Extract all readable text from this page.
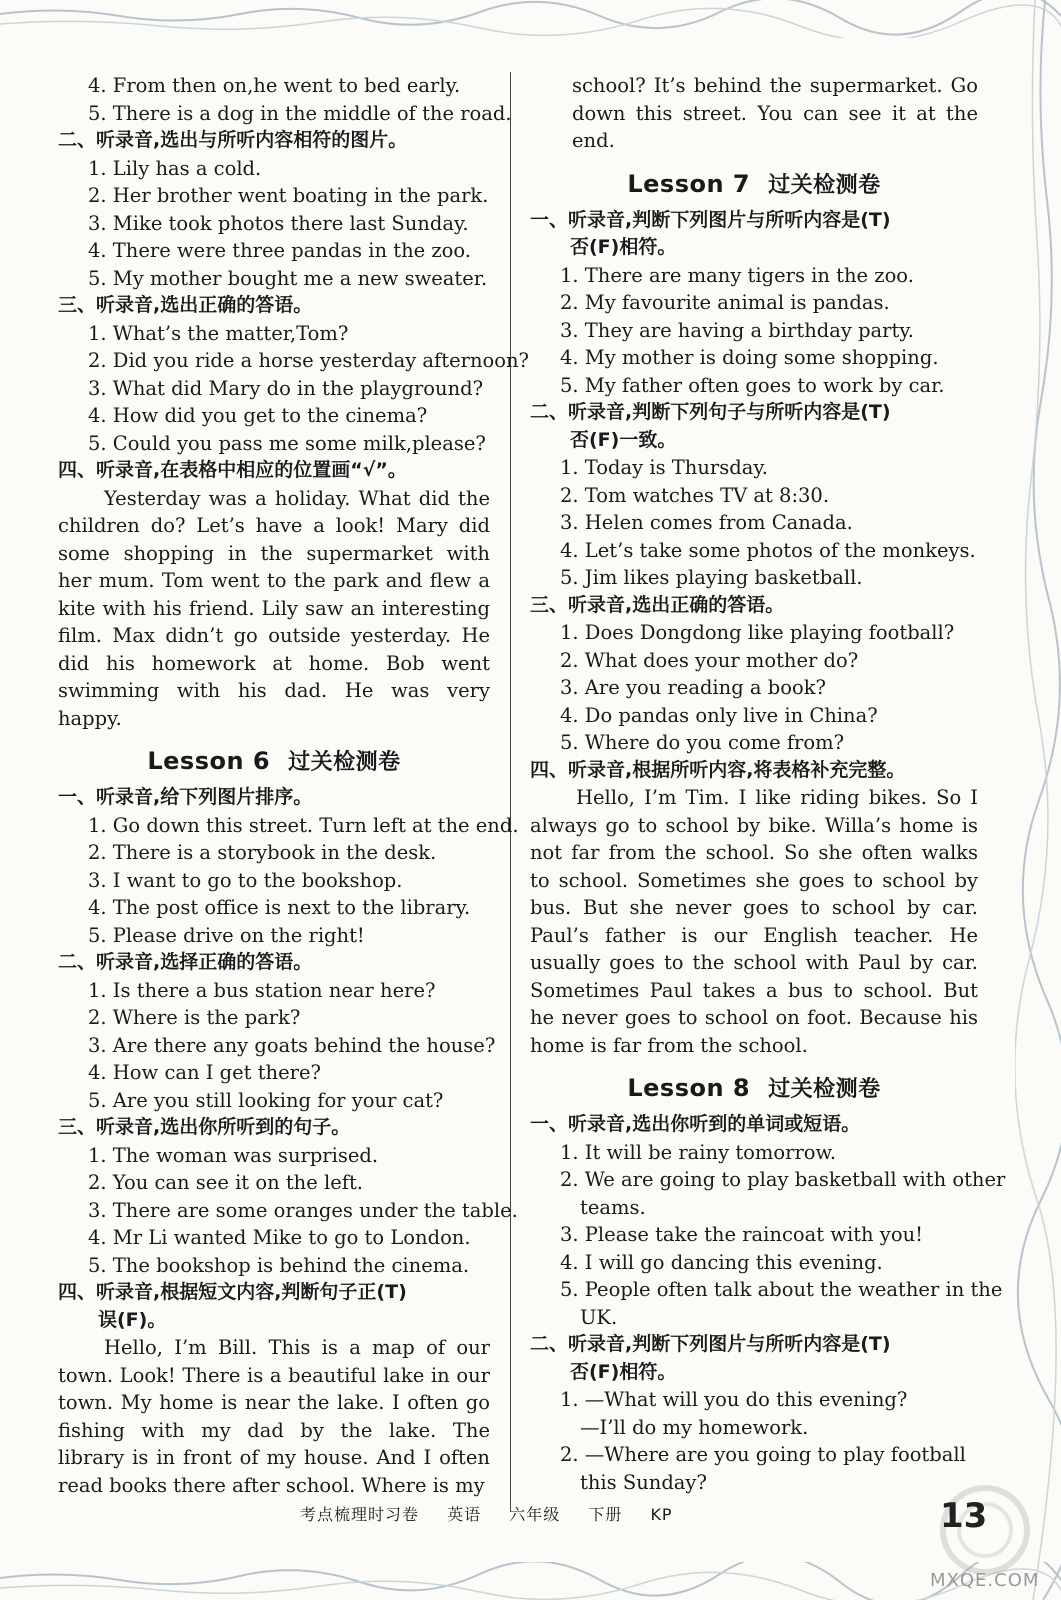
4. From then on,he went to bed early.
5. There is a dog in the middle of the road.
二、听录音,选出与所听内容相符的图片。
1. Lily has a cold.
2. Her brother went boating in the park.
3. Mike took photos there last Sunday.
4. There were three pandas in the zoo.
5. My mother bought me a new sweater.
三、听录音,选出正确的答语。
1. What’s the matter,Tom?
2. Did you ride a horse yesterday afternoon?
3. What did Mary do in the playground?
4. How did you get to the cinema?
5. Could you pass me some milk,please?
四、听录音,在表格中相应的位置画“√”。
Yesterday was a holiday. What did the children do? Let’s have a look! Mary did some shopping in the supermarket with her mum. Tom went to the park and flew a kite with his friend. Lily saw an interesting film. Max didn’t go outside yesterday. He did his homework at home. Bob went swimming with his dad. He was very happy.
Lesson 6 过关检测卷
一、听录音,给下列图片排序。
1. Go down this street. Turn left at the end.
2. There is a storybook in the desk.
3. I want to go to the bookshop.
4. The post office is next to the library.
5. Please drive on the right!
二、听录音,选择正确的答语。
1. Is there a bus station near here?
2. Where is the park?
3. Are there any goats behind the house?
4. How can I get there?
5. Are you still looking for your cat?
三、听录音,选出你所听到的句子。
1. The woman was surprised.
2. You can see it on the left.
3. There are some oranges under the table.
4. Mr Li wanted Mike to go to London.
5. The bookshop is behind the cinema.
四、听录音,根据短文内容,判断句子正(T)
误(F)。
Hello, I’m Bill. This is a map of our town. Look! There is a beautiful lake in our town. My home is near the lake. I often go fishing with my dad by the lake. The library is in front of my house. And I often read books there after school. Where is my
school? It’s behind the supermarket. Go down this street. You can see it at the end.
Lesson 7 过关检测卷
一、听录音,判断下列图片与所听内容是(T)
否(F)相符。
1. There are many tigers in the zoo.
2. My favourite animal is pandas.
3. They are having a birthday party.
4. My mother is doing some shopping.
5. My father often goes to work by car.
二、听录音,判断下列句子与所听内容是(T)
否(F)一致。
1. Today is Thursday.
2. Tom watches TV at 8:30.
3. Helen comes from Canada.
4. Let’s take some photos of the monkeys.
5. Jim likes playing basketball.
三、听录音,选出正确的答语。
1. Does Dongdong like playing football?
2. What does your mother do?
3. Are you reading a book?
4. Do pandas only live in China?
5. Where do you come from?
四、听录音,根据所听内容,将表格补充完整。
Hello, I’m Tim. I like riding bikes. So I always go to school by bike. Willa’s home is not far from the school. So she often walks to school. Sometimes she goes to school by bus. But she never goes to school by car. Paul’s father is our English teacher. He usually goes to the school with Paul by car. Sometimes Paul takes a bus to school. But he never goes to school on foot. Because his home is far from the school.
Lesson 8 过关检测卷
一、听录音,选出你听到的单词或短语。
1. It will be rainy tomorrow.
2. We are going to play basketball with other
teams.
3. Please take the raincoat with you!
4. I will go dancing this evening.
5. People often talk about the weather in the
UK.
二、听录音,判断下列图片与所听内容是(T)
否(F)相符。
1. —What will you do this evening?
—I’ll do my homework.
2. —Where are you going to play football
this Sunday?
考点梳理时习卷 英语 六年级 下册 KP	13
MXQE.COM
